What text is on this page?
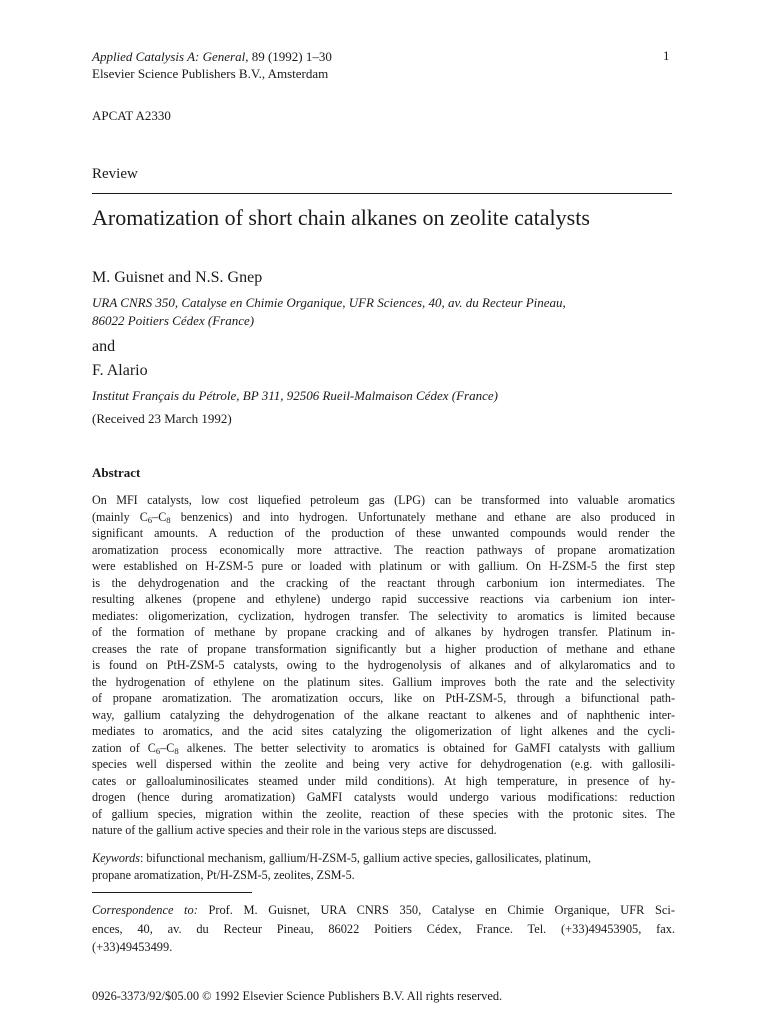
Applied Catalysis A: General, 89 (1992) 1–30
Elsevier Science Publishers B.V., Amsterdam
1
APCAT A2330
Review
Aromatization of short chain alkanes on zeolite catalysts
M. Guisnet and N.S. Gnep
URA CNRS 350, Catalyse en Chimie Organique, UFR Sciences, 40, av. du Recteur Pineau,
86022 Poitiers Cédex (France)
and
F. Alario
Institut Français du Pétrole, BP 311, 92506 Rueil-Malmaison Cédex (France)
(Received 23 March 1992)
Abstract
On MFI catalysts, low cost liquefied petroleum gas (LPG) can be transformed into valuable aromatics
(mainly $C_6-C_8$ benzenics) and into hydrogen. Unfortunately methane and ethane are also produced in
significant amounts. A reduction of the production of these unwanted compounds would render the
aromatization process economically more attractive. The reaction pathways of propane aromatization
were established on H-ZSM-5 pure or loaded with platinum or with gallium. On H-ZSM-5 the first step
is the dehydrogenation and the cracking of the reactant through carbonium ion intermediates. The
resulting alkenes (propene and ethylene) undergo rapid successive reactions via carbenium ion inter-
mediates: oligomerization, cyclization, hydrogen transfer. The selectivity to aromatics is limited because
of the formation of methane by propane cracking and of alkanes by hydrogen transfer. Platinum in-
creases the rate of propane transformation significantly but a higher production of methane and ethane
is found on PtH-ZSM-5 catalysts, owing to the hydrogenolysis of alkanes and of alkylaromatics and to
the hydrogenation of ethylene on the platinum sites. Gallium improves both the rate and the selectivity
of propane aromatization. The aromatization occurs, like on PtH-ZSM-5, through a bifunctional path-
way, gallium catalyzing the dehydrogenation of the alkane reactant to alkenes and of naphthenic inter-
mediates to aromatics, and the acid sites catalyzing the oligomerization of light alkenes and the cycli-
zation of $C_6-C_8$ alkenes. The better selectivity to aromatics is obtained for GaMFI catalysts with gallium
species well dispersed within the zeolite and being very active for dehydrogenation (e.g. with gallosili-
cates or galloaluminosilicates steamed under mild conditions). At high temperature, in presence of hy-
drogen (hence during aromatization) GaMFI catalysts would undergo various modifications: reduction
of gallium species, migration within the zeolite, reaction of these species with the protonic sites. The
nature of the gallium active species and their role in the various steps are discussed.
Keywords: bifunctional mechanism, gallium/H-ZSM-5, gallium active species, gallosilicates, platinum,
propane aromatization, Pt/H-ZSM-5, zeolites, ZSM-5.
Correspondence to: Prof. M. Guisnet, URA CNRS 350, Catalyse en Chimie Organique, UFR Sci-
ences, 40, av. du Recteur Pineau, 86022 Poitiers Cédex, France. Tel. (+33)49453905, fax.
(+33)49453499.
0926-3373/92/$05.00 © 1992 Elsevier Science Publishers B.V. All rights reserved.
